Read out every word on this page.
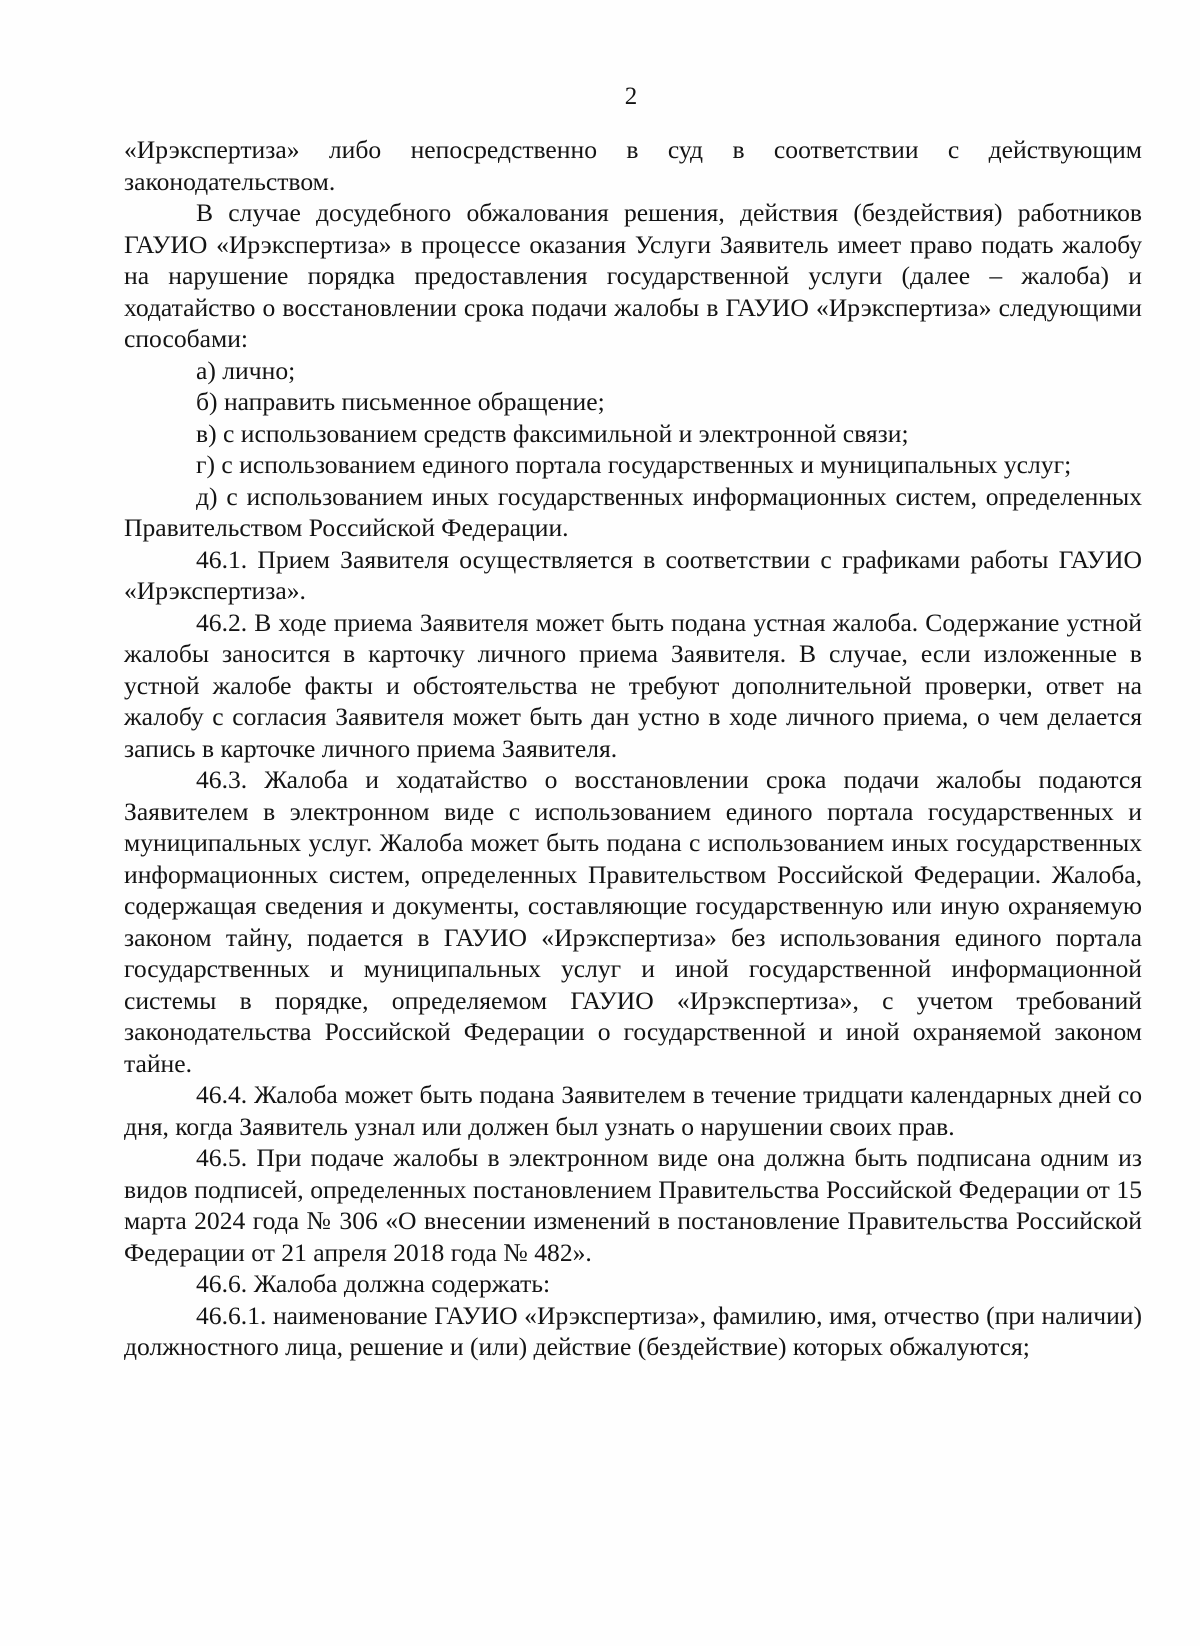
2

«Ирэкспертиза» либо непосредственно в суд в соответствии с действующим законодательством.

В случае досудебного обжалования решения, действия (бездействия) работников ГАУИО «Ирэкспертиза» в процессе оказания Услуги Заявитель имеет право подать жалобу на нарушение порядка предоставления государственной услуги (далее – жалоба) и ходатайство о восстановлении срока подачи жалобы в ГАУИО «Ирэкспертиза» следующими способами:

а) лично;

б) направить письменное обращение;

в) с использованием средств факсимильной и электронной связи;

г) с использованием единого портала государственных и муниципальных услуг;

д) с использованием иных государственных информационных систем, определенных Правительством Российской Федерации.

46.1. Прием Заявителя осуществляется в соответствии с графиками работы ГАУИО «Ирэкспертиза».

46.2. В ходе приема Заявителя может быть подана устная жалоба. Содержание устной жалобы заносится в карточку личного приема Заявителя. В случае, если изложенные в устной жалобе факты и обстоятельства не требуют дополнительной проверки, ответ на жалобу с согласия Заявителя может быть дан устно в ходе личного приема, о чем делается запись в карточке личного приема Заявителя.

46.3. Жалоба и ходатайство о восстановлении срока подачи жалобы подаются Заявителем в электронном виде с использованием единого портала государственных и муниципальных услуг. Жалоба может быть подана с использованием иных государственных информационных систем, определенных Правительством Российской Федерации. Жалоба, содержащая сведения и документы, составляющие государственную или иную охраняемую законом тайну, подается в ГАУИО «Ирэкспертиза» без использования единого портала государственных и муниципальных услуг и иной государственной информационной системы в порядке, определяемом ГАУИО «Ирэкспертиза», с учетом требований законодательства Российской Федерации о государственной и иной охраняемой законом тайне.

46.4. Жалоба может быть подана Заявителем в течение тридцати календарных дней со дня, когда Заявитель узнал или должен был узнать о нарушении своих прав.

46.5. При подаче жалобы в электронном виде она должна быть подписана одним из видов подписей, определенных постановлением Правительства Российской Федерации от 15 марта 2024 года № 306 «О внесении изменений в постановление Правительства Российской Федерации от 21 апреля 2018 года № 482».

46.6. Жалоба должна содержать:

46.6.1. наименование ГАУИО «Ирэкспертиза», фамилию, имя, отчество (при наличии) должностного лица, решение и (или) действие (бездействие) которых обжалуются;
